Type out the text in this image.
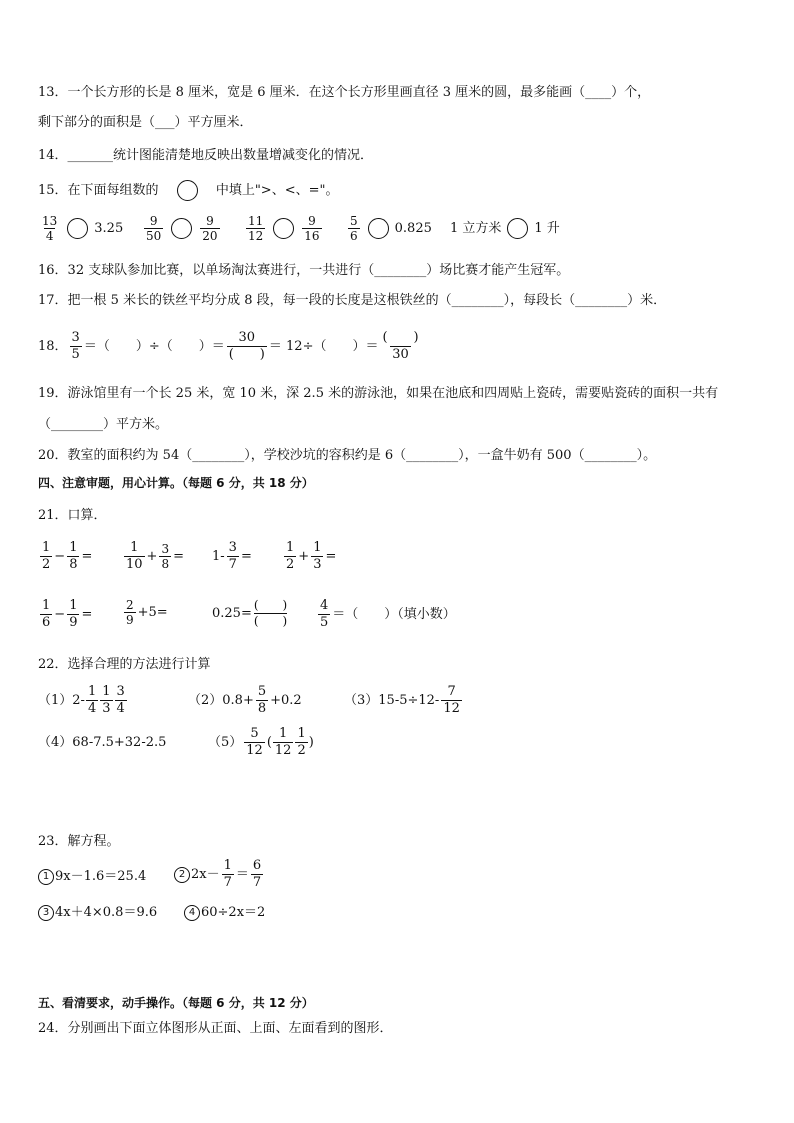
13．一个长方形的长是 8 厘米，宽是 6 厘米．在这个长方形里画直径 3 厘米的圆，最多能画（____）个，
剩下部分的面积是（___）平方厘米．
14．_______统计图能清楚地反映出数量增减变化的情况．
15．在下面每组数的	中填上">、<、="。
$\frac{13}{4}$	$3.25 \frac{9}{50}$	$\frac{9}{20} \frac{11}{12}$	$\frac{9}{16} \frac{5}{6}$	0.825 1 立方米	1 升
16．32 支球队参加比赛，以单场淘汰赛进行，一共进行（________）场比赛才能产生冠军。
17．把一根 5 米长的铁丝平均分成 8 段，每一段的长度是这根铁丝的（________），每段长（________）米．
18． $\frac{3}{5}$ ＝（　　）÷（　　）＝ $\frac{30}{( )} = 12\div$（　　）＝ $\frac{( )}{30}$
19．游泳馆里有一个长 25 米，宽 10 米，深 2.5 米的游泳池，如果在池底和四周贴上瓷砖，需要贴瓷砖的面积一共有
（________）平方米。
20．教室的面积约为 54（________），学校沙坑的容积约是 6（________），一盒牛奶有 500（________）。
四、注意审题，用心计算。（每题 6 分，共 18 分）
21．口算．
$\frac{1}{2} - \frac{1}{8} = \frac{1}{10} + \frac{3}{8} = 1- \frac{3}{7} = \frac{1}{2} + \frac{1}{3}$ =
$\frac{1}{6} - \frac{1}{9}$ =	$\frac{2}{9} +5=$	$0.25= \frac{( )}{( )} \frac{4}{5}$ ＝（　　）（填小数）
22．选择合理的方法进行计算
$(1)2- \frac{1}{4} \frac{1}{3} \frac{3}{4}$	$(2)0.8+ \frac{5}{8} +0.2$	$(3)15-5\div 12- \frac{7}{12}$
（4）68-7.5+32-2.5	$(5) \frac{5}{12}$ ( $\frac{1}{12} \frac{1}{2}$ )
23．解方程。
1 9x－1.6＝25.4	2 $2x- \frac{1}{7} = \frac{6}{7}$
3 4x＋4×0.8＝9.6	4 60÷2x＝2
五、看清要求，动手操作。（每题 6 分，共 12 分）
24．分别画出下面立体图形从正面、上面、左面看到的图形．
